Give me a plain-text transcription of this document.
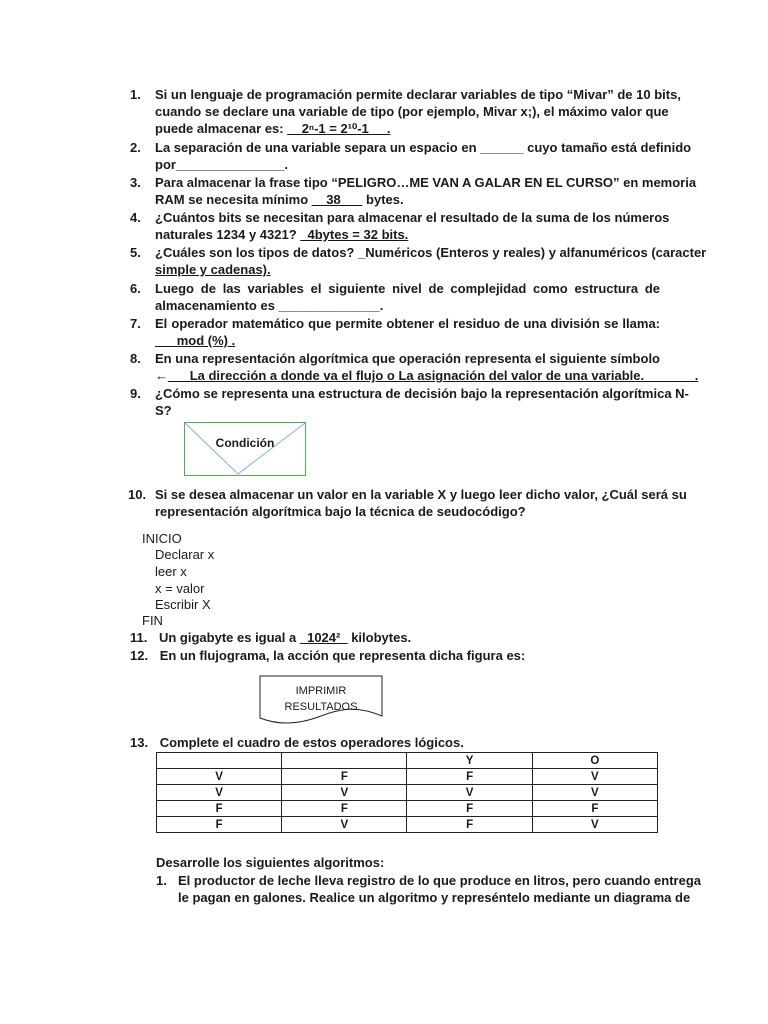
1. Si un lenguaje de programación permite declarar variables de tipo “Mivar” de 10 bits,
cuando se declare una variable de tipo (por ejemplo, Mivar x;), el máximo valor que
puede almacenar es: __2ⁿ-1 = 2¹⁰-1 __.
2. La separación de una variable separa un espacio en ______ cuyo tamaño está definido
por_______________.
3. Para almacenar la frase tipo “PELIGRO…ME VAN A GALAR EN EL CURSO” en memoria
RAM se necesita mínimo __38___ bytes.
4. ¿Cuántos bits se necesitan para almacenar el resultado de la suma de los números
naturales 1234 y 4321? _4bytes = 32 bits.
5. ¿Cuáles son los tipos de datos? _Numéricos (Enteros y reales) y alfanuméricos (caracter
simple y cadenas).
6. Luego de las variables el siguiente nivel de complejidad como estructura de
almacenamiento es ______________.
7. El operador matemático que permite obtener el residuo de una división se llama:
___mod (%) .
8. En una representación algorítmica que operación representa el siguiente símbolo
←___La dirección a donde va el flujo o La asignación del valor de una variable._______.
9. ¿Cómo se representa una estructura de decisión bajo la representación algorítmica N-
S?
Condición
10. Si se desea almacenar un valor en la variable X y luego leer dicho valor, ¿Cuál será su
representación algorítmica bajo la técnica de seudocódigo?
INICIO
Declarar x
leer x
x = valor
Escribir X
FIN
11. Un gigabyte es igual a _1024²_ kilobytes.
12. En un flujograma, la acción que representa dicha figura es:
IMPRIMIR
RESULTADOS
13. Complete el cuadro de estos operadores lógicos.
		Y	O
V	F	F	V
V	V	V	V
F	F	F	F
F	V	F	V
Desarrolle los siguientes algoritmos:
1. El productor de leche lleva registro de lo que produce en litros, pero cuando entrega
le pagan en galones. Realice un algoritmo y represéntelo mediante un diagrama de
